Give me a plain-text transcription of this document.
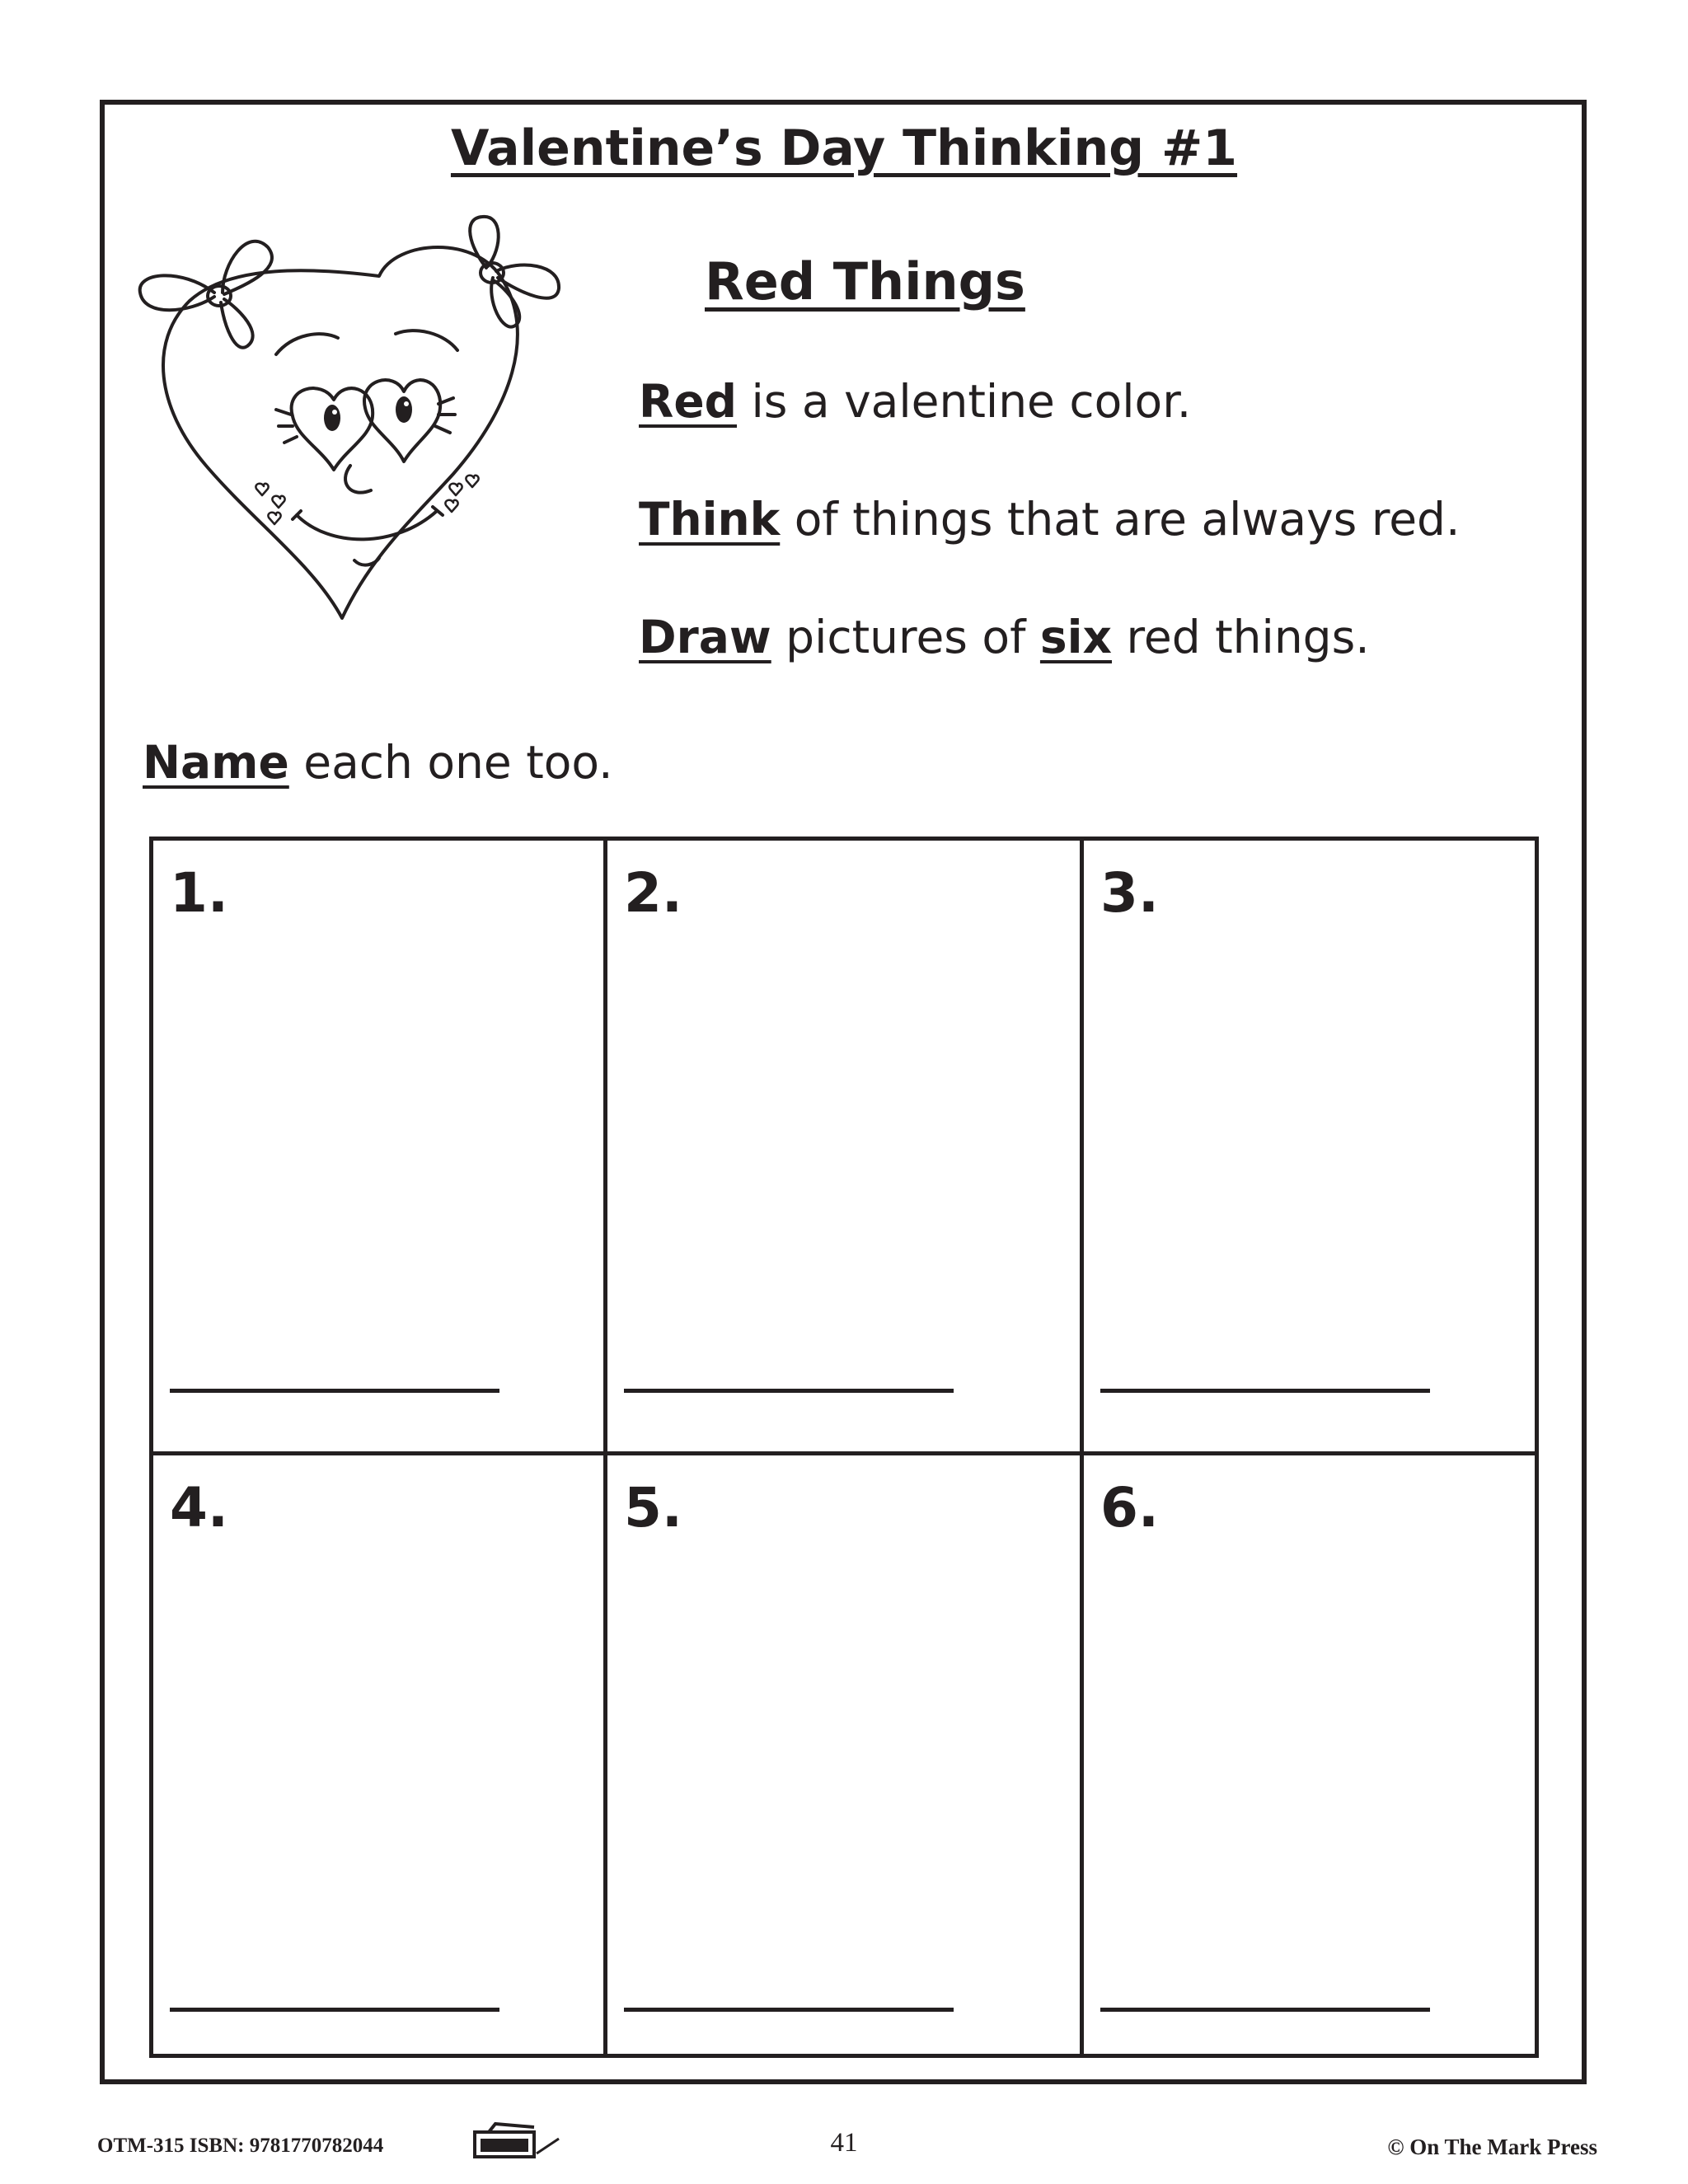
Valentine’s Day Thinking #1
Red Things
Red is a valentine color.
Think of things that are always red.
Draw pictures of six red things.
Name each one too.
1.	2.	3.
4.	5.	6.
OTM-315 ISBN: 9781770782044	41	© On The Mark Press
